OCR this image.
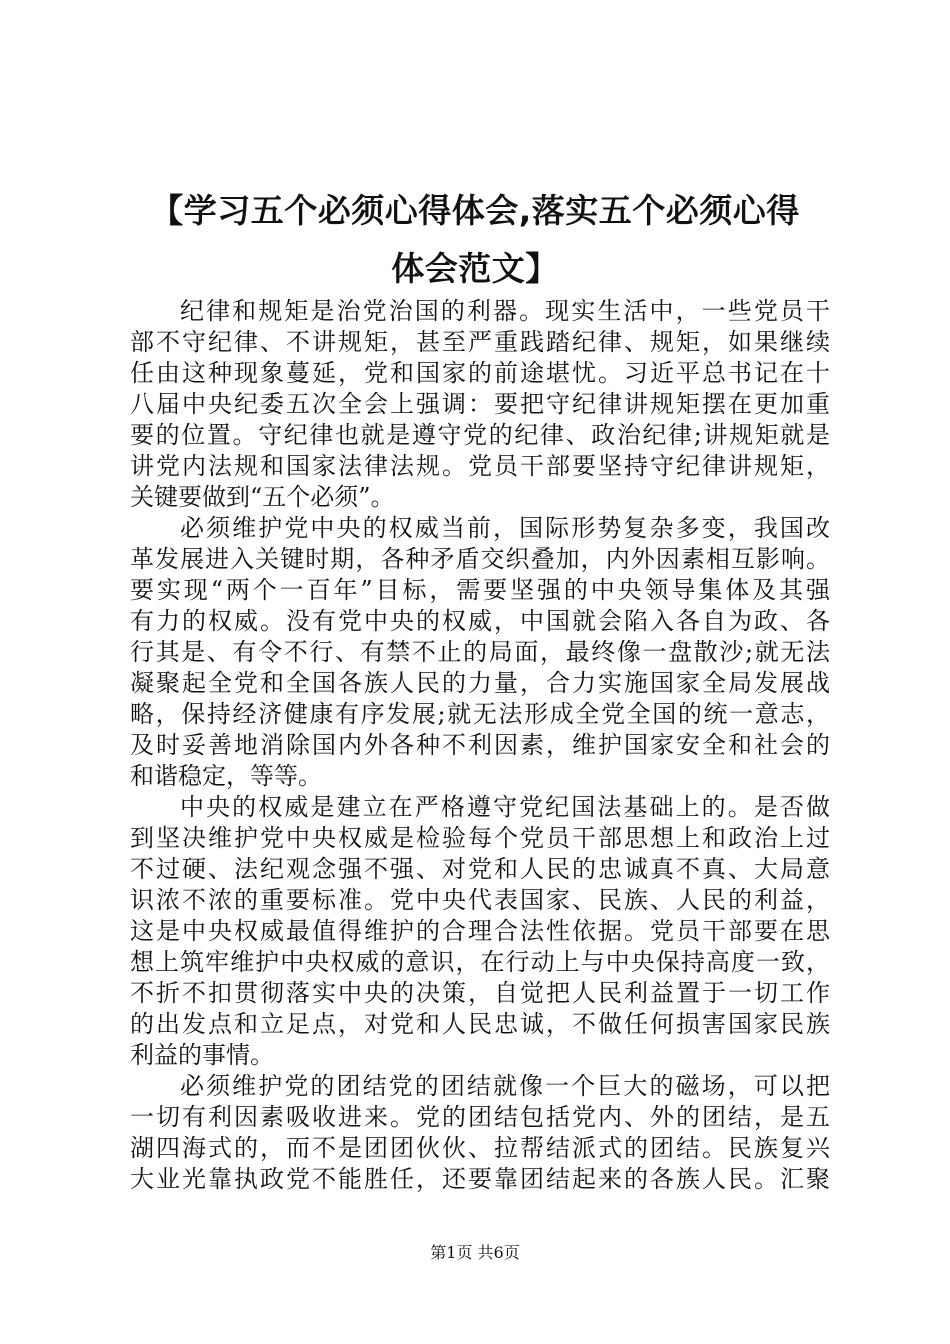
【学习五个必须心得体会,落实五个必须心得
体会范文】
纪律和规矩是治党治国的利器。现实生活中，一些党员干
部不守纪律、不讲规矩，甚至严重践踏纪律、规矩，如果继续
任由这种现象蔓延，党和国家的前途堪忧。习近平总书记在十
八届中央纪委五次全会上强调：要把守纪律讲规矩摆在更加重
要的位置。守纪律也就是遵守党的纪律、政治纪律;讲规矩就是
讲党内法规和国家法律法规。党员干部要坚持守纪律讲规矩，
关键要做到“五个必须”。
必须维护党中央的权威当前，国际形势复杂多变，我国改
革发展进入关键时期，各种矛盾交织叠加，内外因素相互影响。
要实现“两个一百年”目标，需要坚强的中央领导集体及其强
有力的权威。没有党中央的权威，中国就会陷入各自为政、各
行其是、有令不行、有禁不止的局面，最终像一盘散沙;就无法
凝聚起全党和全国各族人民的力量，合力实施国家全局发展战
略，保持经济健康有序发展;就无法形成全党全国的统一意志，
及时妥善地消除国内外各种不利因素，维护国家安全和社会的
和谐稳定，等等。
中央的权威是建立在严格遵守党纪国法基础上的。是否做
到坚决维护党中央权威是检验每个党员干部思想上和政治上过
不过硬、法纪观念强不强、对党和人民的忠诚真不真、大局意
识浓不浓的重要标准。党中央代表国家、民族、人民的利益，
这是中央权威最值得维护的合理合法性依据。党员干部要在思
想上筑牢维护中央权威的意识，在行动上与中央保持高度一致，
不折不扣贯彻落实中央的决策，自觉把人民利益置于一切工作
的出发点和立足点，对党和人民忠诚，不做任何损害国家民族
利益的事情。
必须维护党的团结党的团结就像一个巨大的磁场，可以把
一切有利因素吸收进来。党的团结包括党内、外的团结，是五
湖四海式的，而不是团团伙伙、拉帮结派式的团结。民族复兴
大业光靠执政党不能胜任，还要靠团结起来的各族人民。汇聚
第1页 共6页
